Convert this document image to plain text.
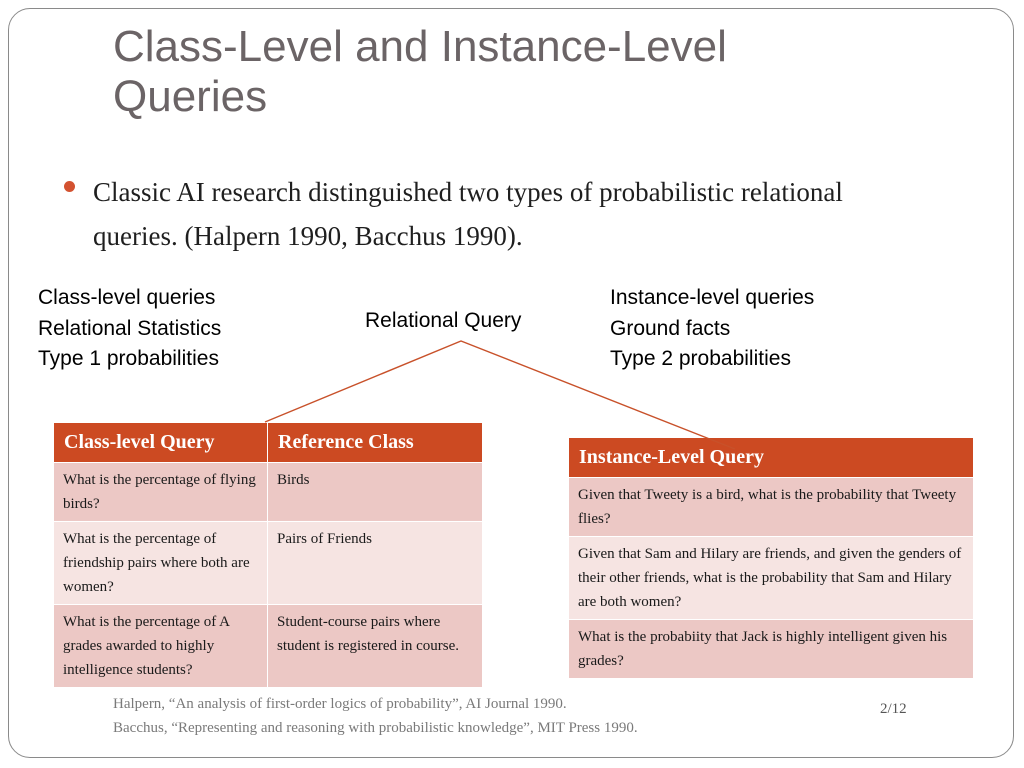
Class-Level and Instance-Level
Queries
Classic AI research distinguished two types of probabilistic relational queries. (Halpern 1990, Bacchus 1990).
Class-level queries
Relational Statistics
Type 1 probabilities
Instance-level queries
Ground facts
Type 2 probabilities
Relational Query
Class-level Query	Reference Class
What is the percentage of flying birds?	Birds
What is the percentage of friendship pairs where both are women?	Pairs of Friends
What is the percentage of A grades awarded to highly intelligence students?	Student-course pairs where student is registered in course.
Instance-Level Query
Given that Tweety is a bird, what is the probability that Tweety flies?
Given that Sam and Hilary are friends, and given the genders of their other friends, what is the probability that Sam and Hilary are both women?
What is the probabiity that Jack is highly intelligent given his grades?
Halpern, “An analysis of first-order logics of probability”, AI Journal 1990.
Bacchus, “Representing and reasoning with probabilistic knowledge”, MIT Press 1990.
2/12
